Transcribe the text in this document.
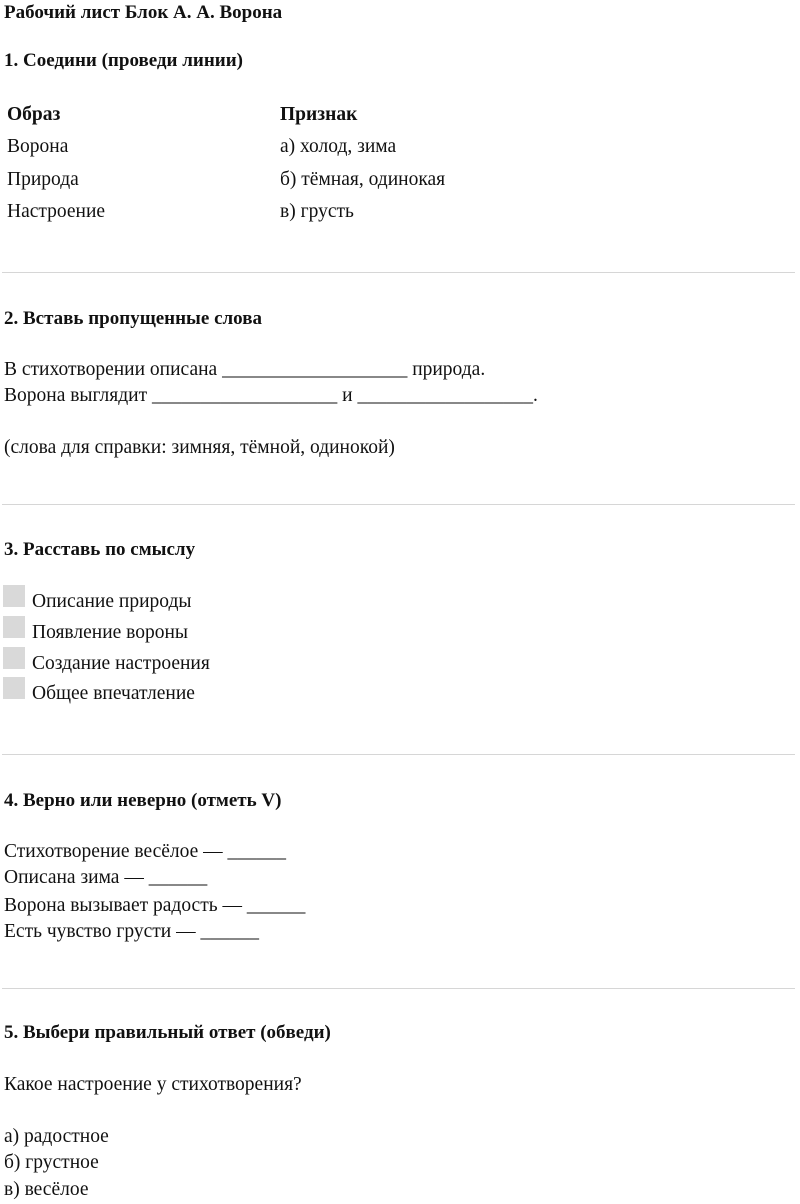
Рабочий лист Блок А. А. Ворона
1. Соедини (проведи линии)
Образ	Признак
Ворона
Природа
Настроение
а) холод, зима
б) тёмная, одинокая
в) грусть
2. Вставь пропущенные слова
В стихотворении описана ___________________ природа.
Ворона выглядит ___________________ и __________________.
(слова для справки: зимняя, тёмной, одинокой)
3. Расставь по смыслу
Описание природы
Появление вороны
Создание настроения
Общее впечатление
4. Верно или неверно (отметь V)
Стихотворение весёлое — ______
Описана зима — ______
Ворона вызывает радость — ______
Есть чувство грусти — ______
5. Выбери правильный ответ (обведи)
Какое настроение у стихотворения?
а) радостное
б) грустное
в) весёлое
